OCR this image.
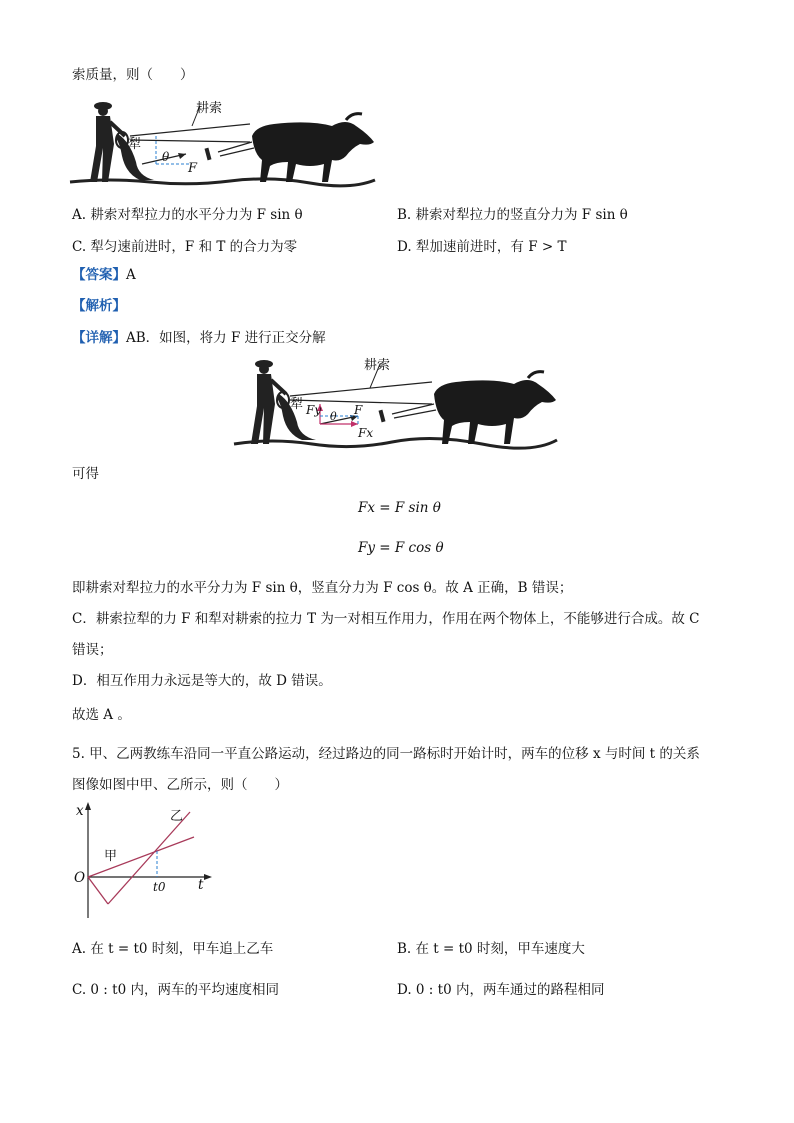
索质量，则（　　）
耕索
犁
θ
F
A. 耕索对犁拉力的水平分力为 F sin θ	B. 耕索对犁拉力的竖直分力为 F sin θ
C. 犁匀速前进时，F 和 T 的合力为零	D. 犁加速前进时，有 F > T
【答案】A
【解析】
【详解】AB．如图，将力 F 进行正交分解
耕索
犁 Fy θ F
Fx
可得
Fx = F sin θ
Fy = F cos θ
即耕索对犁拉力的水平分力为 F sin θ，竖直分力为 F cos θ。故 A 正确，B 错误；
C．耕索拉犁的力 F 和犁对耕索的拉力 T 为一对相互作用力，作用在两个物体上，不能够进行合成。故 C
错误；
D．相互作用力永远是等大的，故 D 错误。
故选 A 。
5. 甲、乙两教练车沿同一平直公路运动，经过路边的同一路标时开始计时，两车的位移 x 与时间 t 的关系
图像如图中甲、乙所示，则（　　）
x	乙
甲
O
t0 t
A. 在 t = t0 时刻，甲车追上乙车	B. 在 t = t0 时刻，甲车速度大
C. 0 : t0 内，两车的平均速度相同	D. 0 : t0 内，两车通过的路程相同
